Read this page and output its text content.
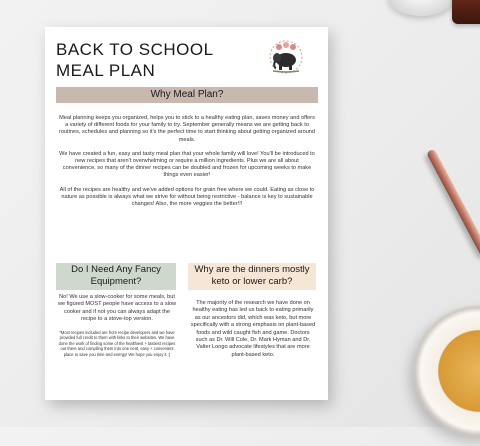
BACK TO SCHOOL
MEAL PLAN
Why Meal Plan?

Meal planning keeps you organized, helps you to stick to a healthy eating plan, saves money and offers a variety of different foods for your family to try. September generally means we are getting back to routines, schedules and planning so it's the perfect time to start thinking about getting organized around meals.

We have created a fun, easy and tasty meal plan that your whole family will love! You'll be introduced to new recipes that aren't overwhelming or require a million ingredients. Plus we are all about convenience, so many of the dinner recipes can be doubled and frozen for upcoming weeks to make things even easier!

All of the recipes are healthy and we've added options for grain free where we could. Eating as close to nature as possible is always what we strive for without being restrictive - balance is key to sustainable changes! Also, the more veggies the better!!!

Do I Need Any Fancy Equipment?
Why are the dinners mostly keto or lower carb?
No! We use a slow-cooker for some meals, but we figured MOST people have access to a slow cooker and if not you can always adapt the recipe to a stove-top version.
*Most recipes included are from recipe developers and we have provided full credit to them with links to their websites. We have done the work of finding some of the healthiest + tastiest recipes out there and compiling them into one neat, easy + convenient place to save you time and energy! We hope you enjoy it :)
The majority of the research we have done on healthy eating has led us back to eating primarily as our ancestors did, which was keto, but more specifically with a strong emphasis on plant-based foods and wild caught fish and game. Doctors such as Dr. Will Cole, Dr. Mark Hyman and Dr. Valter Longo advocate lifestyles that are more plant-based keto.
